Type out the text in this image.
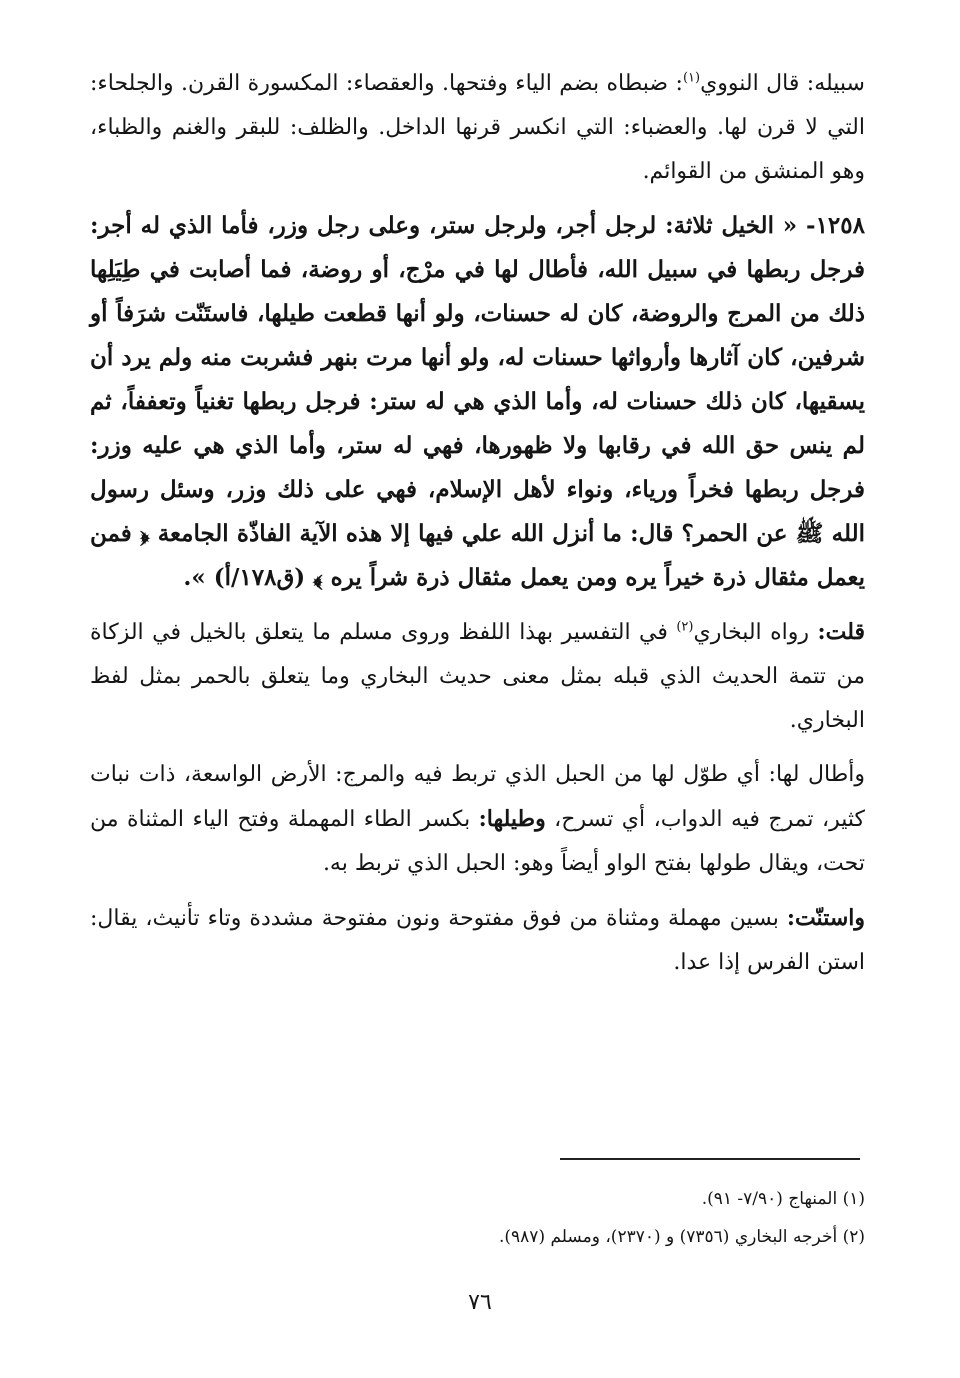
سبيله: قال النووي$^{(١)}$: ضبطاه بضم الياء وفتحها. والعقصاء: المكسورة القرن. والجلحاء: التي لا قرن لها. والعضباء: التي انكسر قرنها الداخل. والظلف: للبقر والغنم والظباء، وهو المنشق من القوائم.

١٢٥٨- « الخيل ثلاثة: لرجل أجر، ولرجل ستر، وعلى رجل وزر، فأما الذي له أجر: فرجل ربطها في سبيل الله، فأطال لها في مرْج، أو روضة، فما أصابت في طِيَلِها ذلك من المرج والروضة، كان له حسنات، ولو أنها قطعت طيلها، فاستَنّت شرَفاً أو شرفين، كان آثارها وأرواثها حسنات له، ولو أنها مرت بنهر فشربت منه ولم يرد أن يسقيها، كان ذلك حسنات له، وأما الذي هي له ستر: فرجل ربطها تغنياً وتعففاً، ثم لم ينس حق الله في رقابها ولا ظهورها، فهي له ستر، وأما الذي هي عليه وزر: فرجل ربطها فخراً ورياء، ونواء لأهل الإسلام، فهي على ذلك وزر، وسئل رسول الله ﷺ عن الحمر؟ قال: ما أنزل الله علي فيها إلا هذه الآية الفاذّة الجامعة ﴿ فمن يعمل مثقال ذرة خيراً يره ومن يعمل مثقال ذرة شراً يره ﴾ (ق١٧٨/أ) ».

قلت: رواه البخاري$^{(٢)}$ في التفسير بهذا اللفظ وروى مسلم ما يتعلق بالخيل في الزكاة من تتمة الحديث الذي قبله بمثل معنى حديث البخاري وما يتعلق بالحمر بمثل لفظ البخاري.

وأطال لها: أي طوّل لها من الحبل الذي تربط فيه والمرج: الأرض الواسعة، ذات نبات كثير، تمرج فيه الدواب، أي تسرح، وطيلها: بكسر الطاء المهملة وفتح الياء المثناة من تحت، ويقال طولها بفتح الواو أيضاً وهو: الحبل الذي تربط به.

واستنّت: بسين مهملة ومثناة من فوق مفتوحة ونون مفتوحة مشددة وتاء تأنيث، يقال: استن الفرس إذا عدا.

(١) المنهاج (٧/٩٠- ٩١).

(٢) أخرجه البخاري (٧٣٥٦) و (٢٣٧٠)، ومسلم (٩٨٧).

٧٦
